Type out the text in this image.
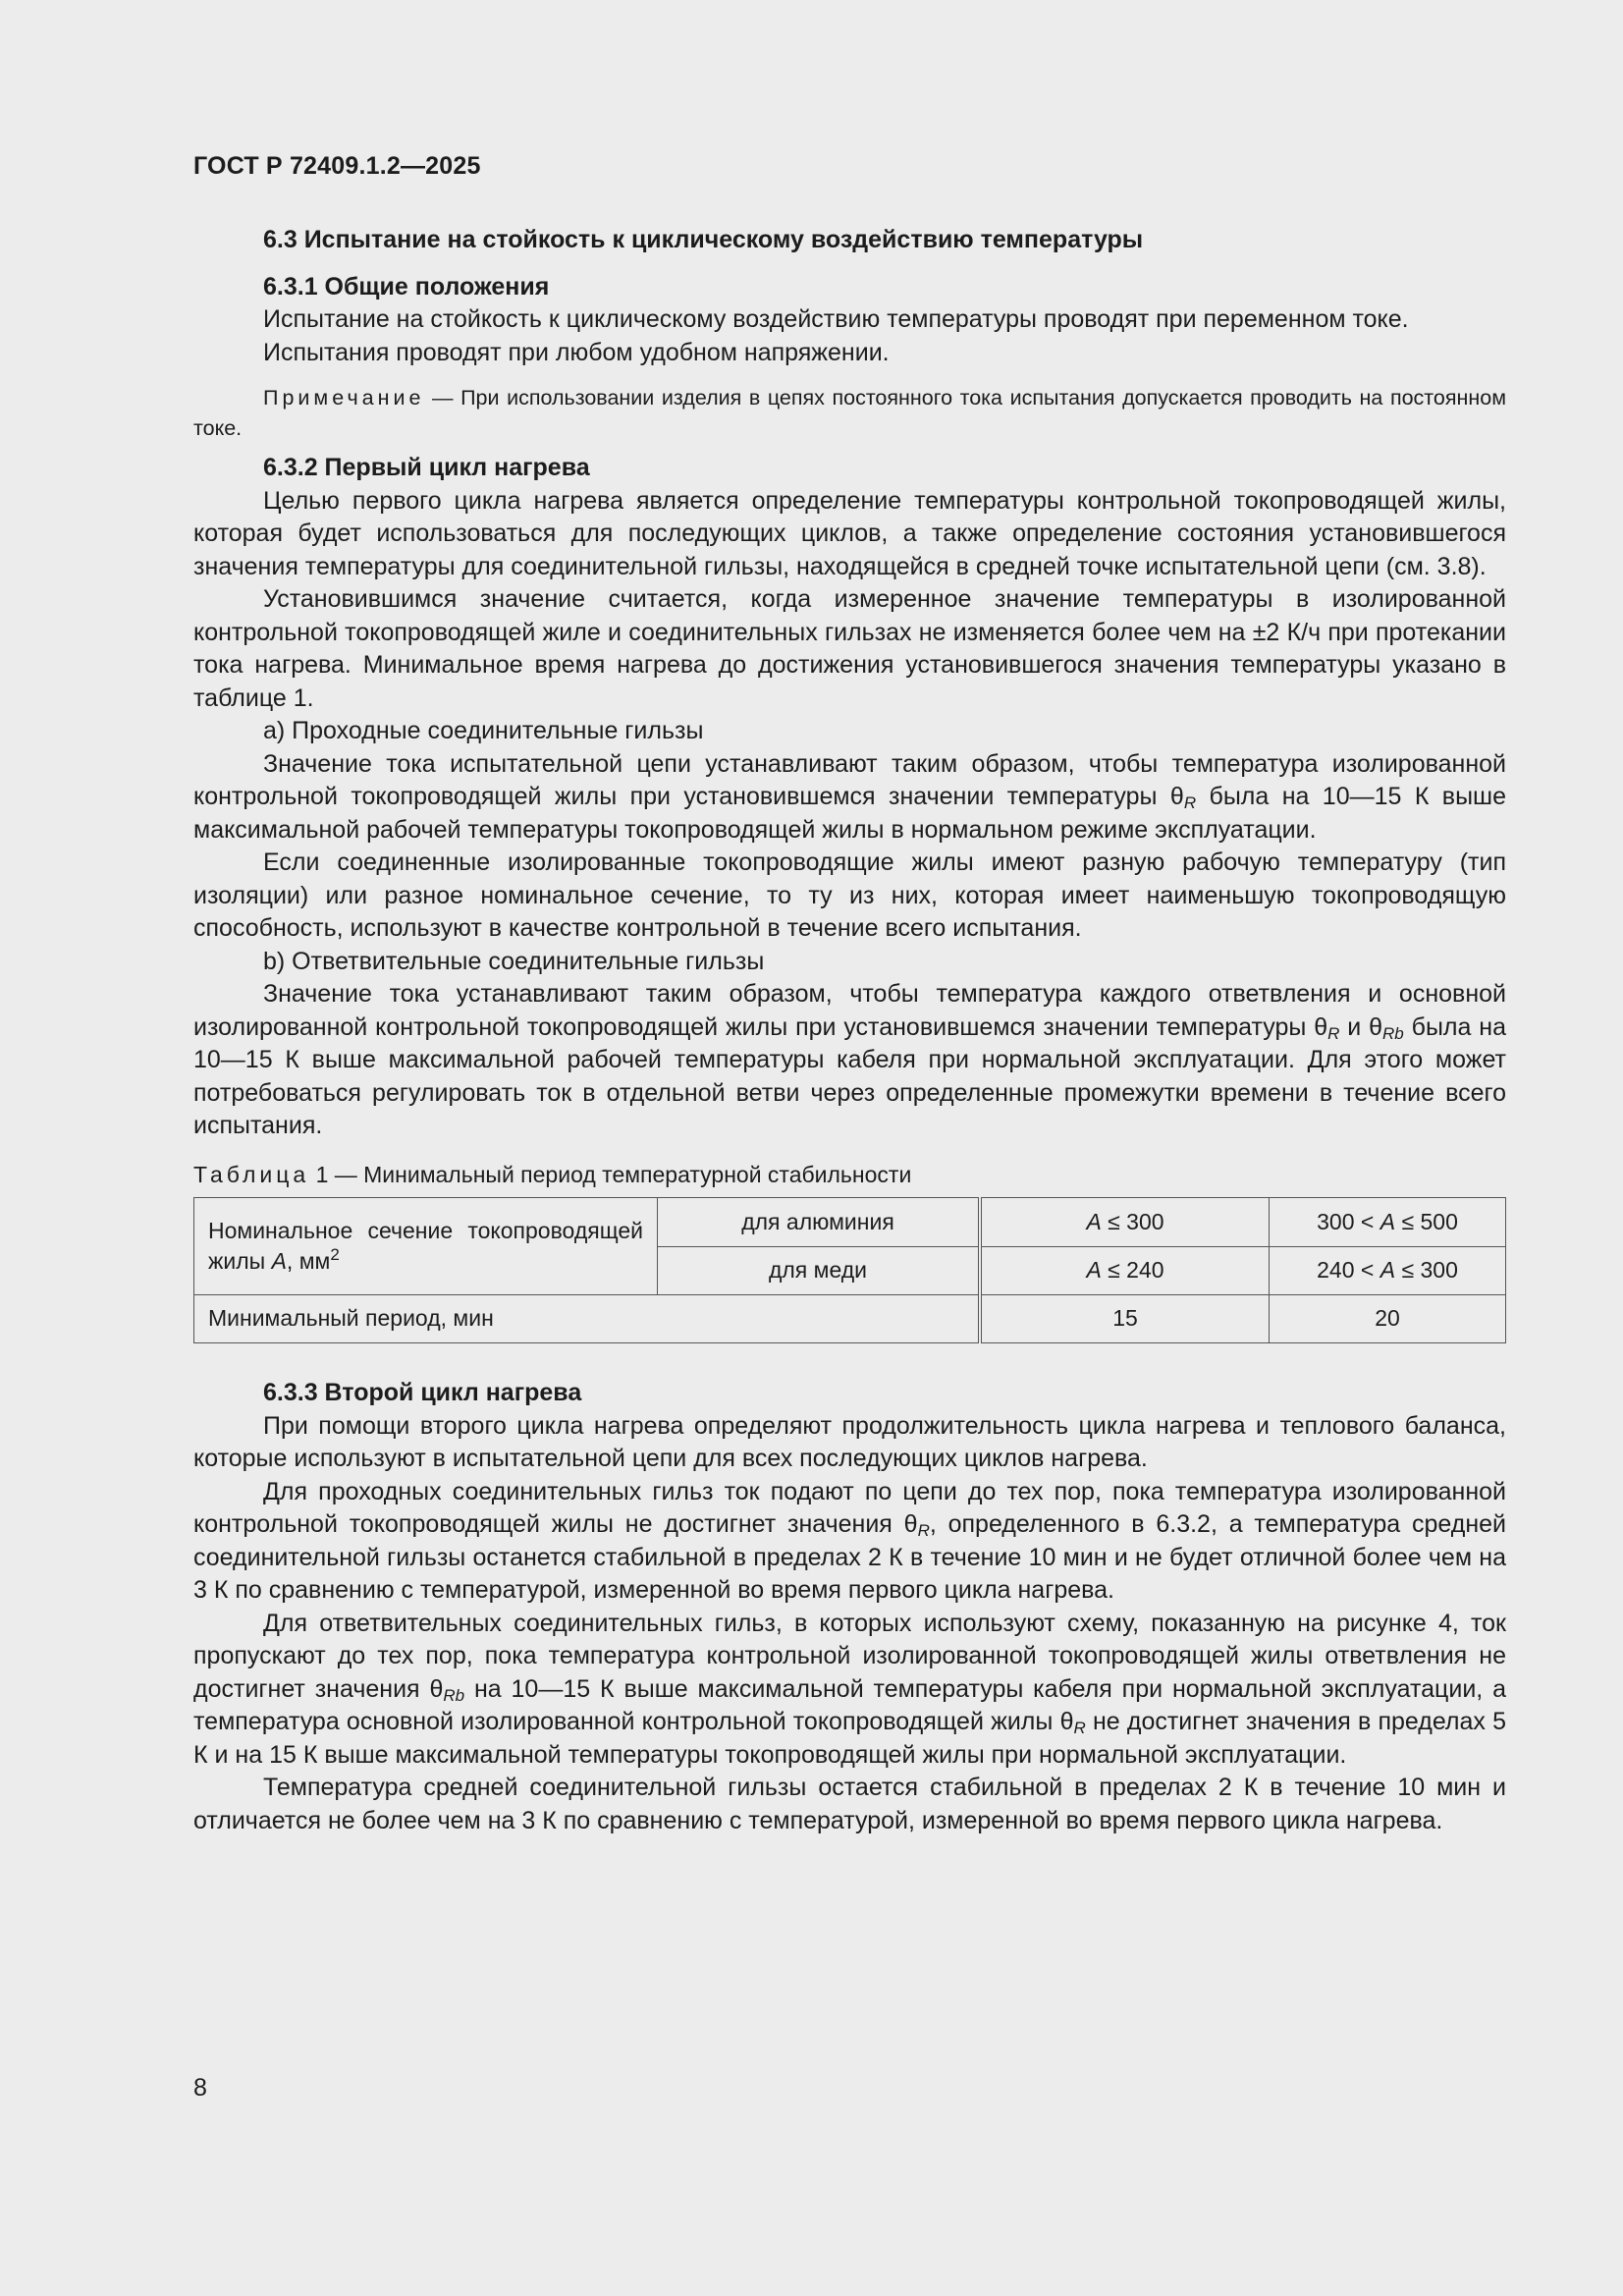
ГОСТ Р 72409.1.2—2025
6.3 Испытание на стойкость к циклическому воздействию температуры
6.3.1 Общие положения

Испытание на стойкость к циклическому воздействию температуры проводят при переменном токе.

Испытания проводят при любом удобном напряжении.

Примечание — При использовании изделия в цепях постоянного тока испытания допускается проводить на постоянном токе.

6.3.2 Первый цикл нагрева

Целью первого цикла нагрева является определение температуры контрольной токопроводящей жилы, которая будет использоваться для последующих циклов, а также определение состояния установившегося значения температуры для соединительной гильзы, находящейся в средней точке испытательной цепи (см. 3.8).

Установившимся значение считается, когда измеренное значение температуры в изолированной контрольной токопроводящей жиле и соединительных гильзах не изменяется более чем на ±2 К/ч при протекании тока нагрева. Минимальное время нагрева до достижения установившегося значения температуры указано в таблице 1.

a) Проходные соединительные гильзы

Значение тока испытательной цепи устанавливают таким образом, чтобы температура изолированной контрольной токопроводящей жилы при установившемся значении температуры $\theta_R$ была на 10—15 К выше максимальной рабочей температуры токопроводящей жилы в нормальном режиме эксплуатации.

Если соединенные изолированные токопроводящие жилы имеют разную рабочую температуру (тип изоляции) или разное номинальное сечение, то ту из них, которая имеет наименьшую токопроводящую способность, используют в качестве контрольной в течение всего испытания.

b) Ответвительные соединительные гильзы

Значение тока устанавливают таким образом, чтобы температура каждого ответвления и основной изолированной контрольной токопроводящей жилы при установившемся значении температуры $\theta_R$ и $\theta_{Rb}$ была на 10—15 К выше максимальной рабочей температуры кабеля при нормальной эксплуатации. Для этого может потребоваться регулировать ток в отдельной ветви через определенные промежутки времени в течение всего испытания.

Таблица 1 — Минимальный период температурной стабильности
Номинальное сечение токопроводящей жилы A, $мм^2$	для алюминия	A ≤ 300	300 < A ≤ 500
	для меди	A ≤ 240	240 < A ≤ 300
Минимальный период, мин		15	20
6.3.3 Второй цикл нагрева

При помощи второго цикла нагрева определяют продолжительность цикла нагрева и теплового баланса, которые используют в испытательной цепи для всех последующих циклов нагрева.

Для проходных соединительных гильз ток подают по цепи до тех пор, пока температура изолированной контрольной токопроводящей жилы не достигнет значения $\theta_R$, определенного в 6.3.2, а температура средней соединительной гильзы останется стабильной в пределах 2 К в течение 10 мин и не будет отличной более чем на 3 К по сравнению с температурой, измеренной во время первого цикла нагрева.

Для ответвительных соединительных гильз, в которых используют схему, показанную на рисунке 4, ток пропускают до тех пор, пока температура контрольной изолированной токопроводящей жилы ответвления не достигнет значения $\theta_{Rb}$ на 10—15 К выше максимальной температуры кабеля при нормальной эксплуатации, а температура основной изолированной контрольной токопроводящей жилы $\theta_R$ не достигнет значения в пределах 5 К и на 15 К выше максимальной температуры токопроводящей жилы при нормальной эксплуатации.

Температура средней соединительной гильзы остается стабильной в пределах 2 К в течение 10 мин и отличается не более чем на 3 К по сравнению с температурой, измеренной во время первого цикла нагрева.

8
